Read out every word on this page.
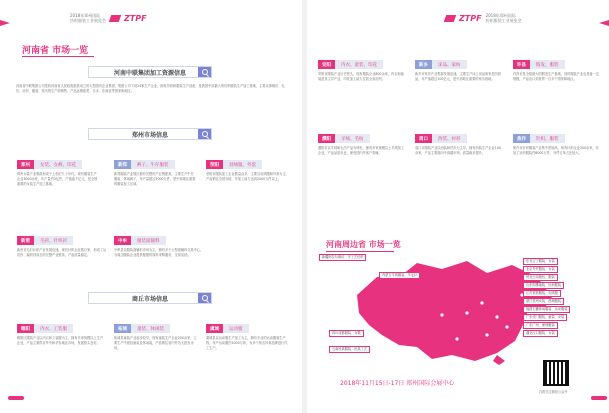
2018年郑州国际
纺织服装工业展览会 ZTPF
河南省 市场一览
河南中联集团加工资源信息
河南省中联集团公司是收河南省人民政府批准成立的大型国有企业集团，集团公司下设24家生产企业，拥有纺织和服装生产设备，是我国中部最大的纺织服装生产加工基地，主要从事棉纺、毛纺、针织、服装、家纺的生产和销售，产品远销欧美、日本、东南亚等国家和地区。
郑州市场信息
郑州	女装、女裤、印花
郑州女装产业集群形成于上世纪九十年代，现有服装生产企业3000余家，年产量约3亿件，产值逾千亿元，是全国重要的女装生产加工基地。
新郑	裤子、牛仔服装
新郑服装产业园区拥有完整的产业链配套，主要生产牛仔服装、休闲裤子，年产量超过5000万件，是中原地区重要的服装加工区域。
荥阳	羽绒服、外套
荥阳市服装加工企业数量众多，主要以羽绒服和外套为主，产品销往全国各地，年加工能力达到2000万件以上。
新密	毛衫、针织衫
新密市毛衫针织产业发展迅速，现有针织企业数百家，形成了从纺纱、编织到成衣的完整产业链条，产品质量稳定。
中牟	服装面辅料
中牟县以服装面辅料市场为主，拥有多个大型面辅料交易中心，为周边服装企业提供便捷的原料采购服务，交易活跃。
商丘市场信息
睢阳	内衣、工装服
睢阳区服装产业以内衣和工装服为主，拥有多家规模以上生产企业，产品主要供应华中和华东地区市场，发展势头良好。
柘城	童装、休闲装
柘城县童装产业起步较早，现有童装生产企业200余家，主要生产中低档童装及休闲装，产品销往省内外各大批发市场。
虞城	运动服
虞城县以运动服生产加工为主，拥有专业的运动服装生产线，年产运动服约1000万套，为多个知名体育品牌进行代工生产。
ZTPF 2018年郑州国际
纺织服装工业展览会
安阳	内衣、童装、印花
安阳市服装产业历史悠久，现有服装企业800余家，内衣和童装是其主导产业，印花加工能力位居全省前列。
新乡	床品、家纺
新乡市家纺产业集群发展迅速，主要生产床上用品和家居纺织品，年产值超过100亿元，是中部地区重要的家纺基地。
许昌	假发、服装
许昌市是全球最大的假发生产基地，同时服装产业也具备一定规模，产品出口到世界一百多个国家和地区。
濮阳	羊绒、毛纺
濮阳市以羊绒和毛纺产品为特色，拥有多家规模以上羊绒加工企业，产品品质优良，深受国内外客户青睐。
周口	西装、衬衫
周口市服装产业以西装和衬衫为主导，拥有西装生产企业100余家，产品主要面向中高端市场，质量稳步提升。
焦作	针织、服装
焦作市针织服装产业集中度较高，现有针织企业300余家，年加工针织服装约8000万件，外贸订单占比较大。
河南周边省 市场一览
新疆阿拉尔棉纺、手工艺纺织
内蒙古羊绒服装、羊毛衫
东北辽宁服装、女装
北京外贸服装、女装
河北白沟箱包、服装
山东即墨童装、针织服装
江苏常熟服装、羽绒服
浙江杭州女装、丝绸服装
福建石狮休闲服装、运动服装
广东虎门服装、童装、女装
广东广州、深圳服装
湖北汉口服装、女装
四川成都服装、女鞋
云南民族服装、民族工艺
2018年11月15日-17日 郑州国际会展中心
扫码关注微信公众号
